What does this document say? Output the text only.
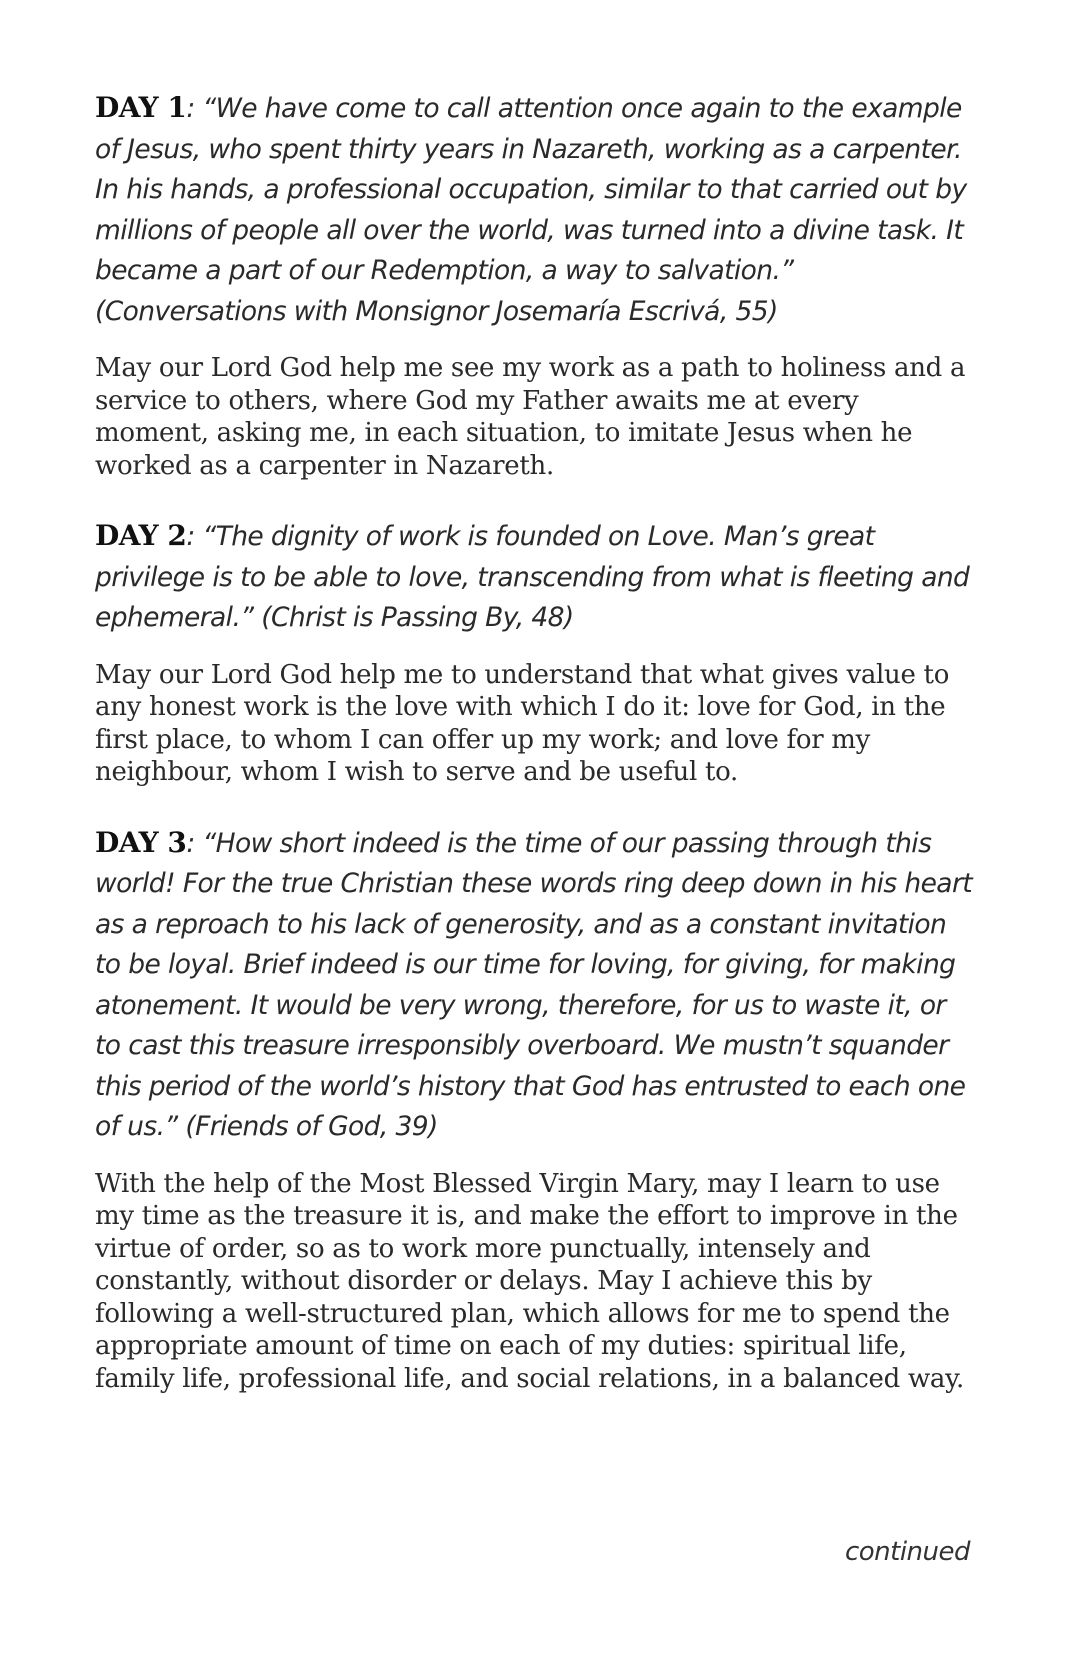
DAY 1: “We have come to call attention once again to the example of Jesus, who spent thirty years in Nazareth, working as a carpenter. In his hands, a professional occupation, similar to that carried out by millions of people all over the world, was turned into a divine task. It became a part of our Redemption, a way to salvation.” (Conversations with Monsignor Josemaría Escrivá, 55)

May our Lord God help me see my work as a path to holiness and a service to others, where God my Father awaits me at every moment, asking me, in each situation, to imitate Jesus when he worked as a carpenter in Nazareth.

DAY 2: “The dignity of work is founded on Love. Man’s great privilege is to be able to love, transcending from what is fleeting and ephemeral.” (Christ is Passing By, 48)

May our Lord God help me to understand that what gives value to any honest work is the love with which I do it: love for God, in the first place, to whom I can offer up my work; and love for my neighbour, whom I wish to serve and be useful to.

DAY 3: “How short indeed is the time of our passing through this world! For the true Christian these words ring deep down in his heart as a reproach to his lack of generosity, and as a constant invitation to be loyal. Brief indeed is our time for loving, for giving, for making atonement. It would be very wrong, therefore, for us to waste it, or to cast this treasure irresponsibly overboard. We mustn’t squander this period of the world’s history that God has entrusted to each one of us.” (Friends of God, 39)

With the help of the Most Blessed Virgin Mary, may I learn to use my time as the treasure it is, and make the effort to improve in the virtue of order, so as to work more punctually, intensely and constantly, without disorder or delays. May I achieve this by following a well-structured plan, which allows for me to spend the appropriate amount of time on each of my duties: spiritual life, family life, professional life, and social relations, in a balanced way.

continued
